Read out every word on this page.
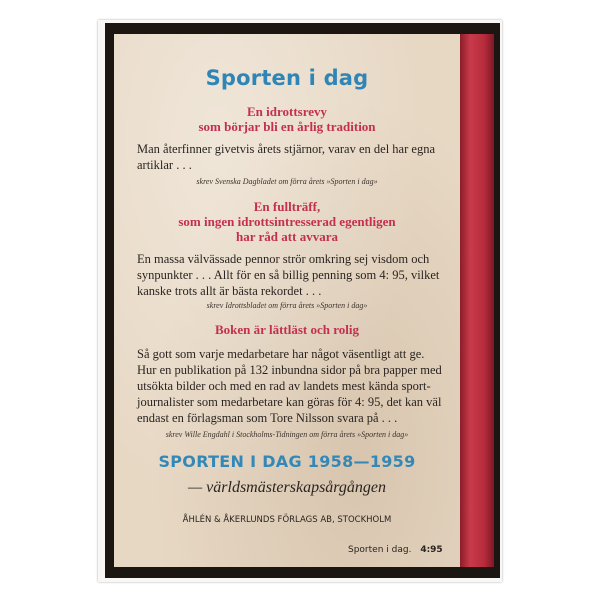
Sporten i dag

En idrottsrevy

som börjar bli en årlig tradition

Man återfinner givetvis årets stjärnor, varav en del har egna

artiklar . . .

skrev Svenska Dagbladet om förra årets »Sporten i dag»

En fullträff,

som ingen idrottsintresserad egentligen

har råd att avvara

En massa välvässade pennor strör omkring sej visdom och

synpunkter . . . Allt för en så billig penning som 4: 95, vilket

kanske trots allt är bästa rekordet . . .

skrev Idrottsbladet om förra årets »Sporten i dag»

Boken är lättläst och rolig

Så gott som varje medarbetare har något väsentligt att ge.

Hur en publikation på 132 inbundna sidor på bra papper med

utsökta bilder och med en rad av landets mest kända sport-

journalister som medarbetare kan göras för 4: 95, det kan väl

endast en förlagsman som Tore Nilsson svara på . . .

skrev Wille Engdahl i Stockholms-Tidningen om förra årets »Sporten i dag»

SPORTEN I DAG 1958—1959

— världsmästerskapsårgången

ÅHLÉN & ÅKERLUNDS FÖRLAGS AB, STOCKHOLM

Sporten i dag. 4:95
